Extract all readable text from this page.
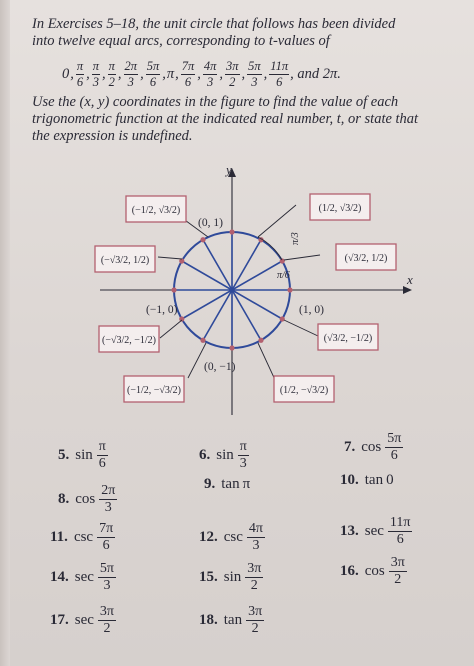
In Exercises 5–18, the unit circle that follows has been divided
into twelve equal arcs, corresponding to t-values of
0 , $\frac{\pi}{6}$ , $\frac{\pi}{3}$ , $\frac{\pi}{2}$ , $\frac{2\pi}{3}$ , $\frac{5\pi}{6}$ , π , $\frac{7\pi}{6}$ , $\frac{4\pi}{3}$ , $\frac{3\pi}{2}$ , $\frac{5\pi}{3}$ , $\frac{11\pi}{6}$ , and 2π.
Use the (x, y) coordinates in the figure to find the value of each
trigonometric function at the indicated real number, t, or state that
the expression is undefined.
y
x
π/3
π/6
(0, 1)
(−1, 0)	(1, 0)
(0, −1)
(−1/2, √3/2)
(−√3/2, 1/2)
(−√3/2, −1/2)
(−1/2, −√3/2)
(1/2, √3/2)
(√3/2, 1/2)
(√3/2, −1/2)
(1/2, −√3/2)
5. $\sin \frac{\pi}{6}$	6. $\sin \frac{\pi}{3}$	7. $\cos \frac{5\pi}{6}$
8. $\cos \frac{2\pi}{3}$	9. tan π	10. tan 0
11. $\csc \frac{7\pi}{6}$	12. $\csc \frac{4\pi}{3}$	13. $\sec \frac{11\pi}{6}$
14. $\sec \frac{5\pi}{3}$	15. $\sin \frac{3\pi}{2}$	16. $\cos \frac{3\pi}{2}$
17. $\sec \frac{3\pi}{2}$	18. $\tan \frac{3\pi}{2}$
